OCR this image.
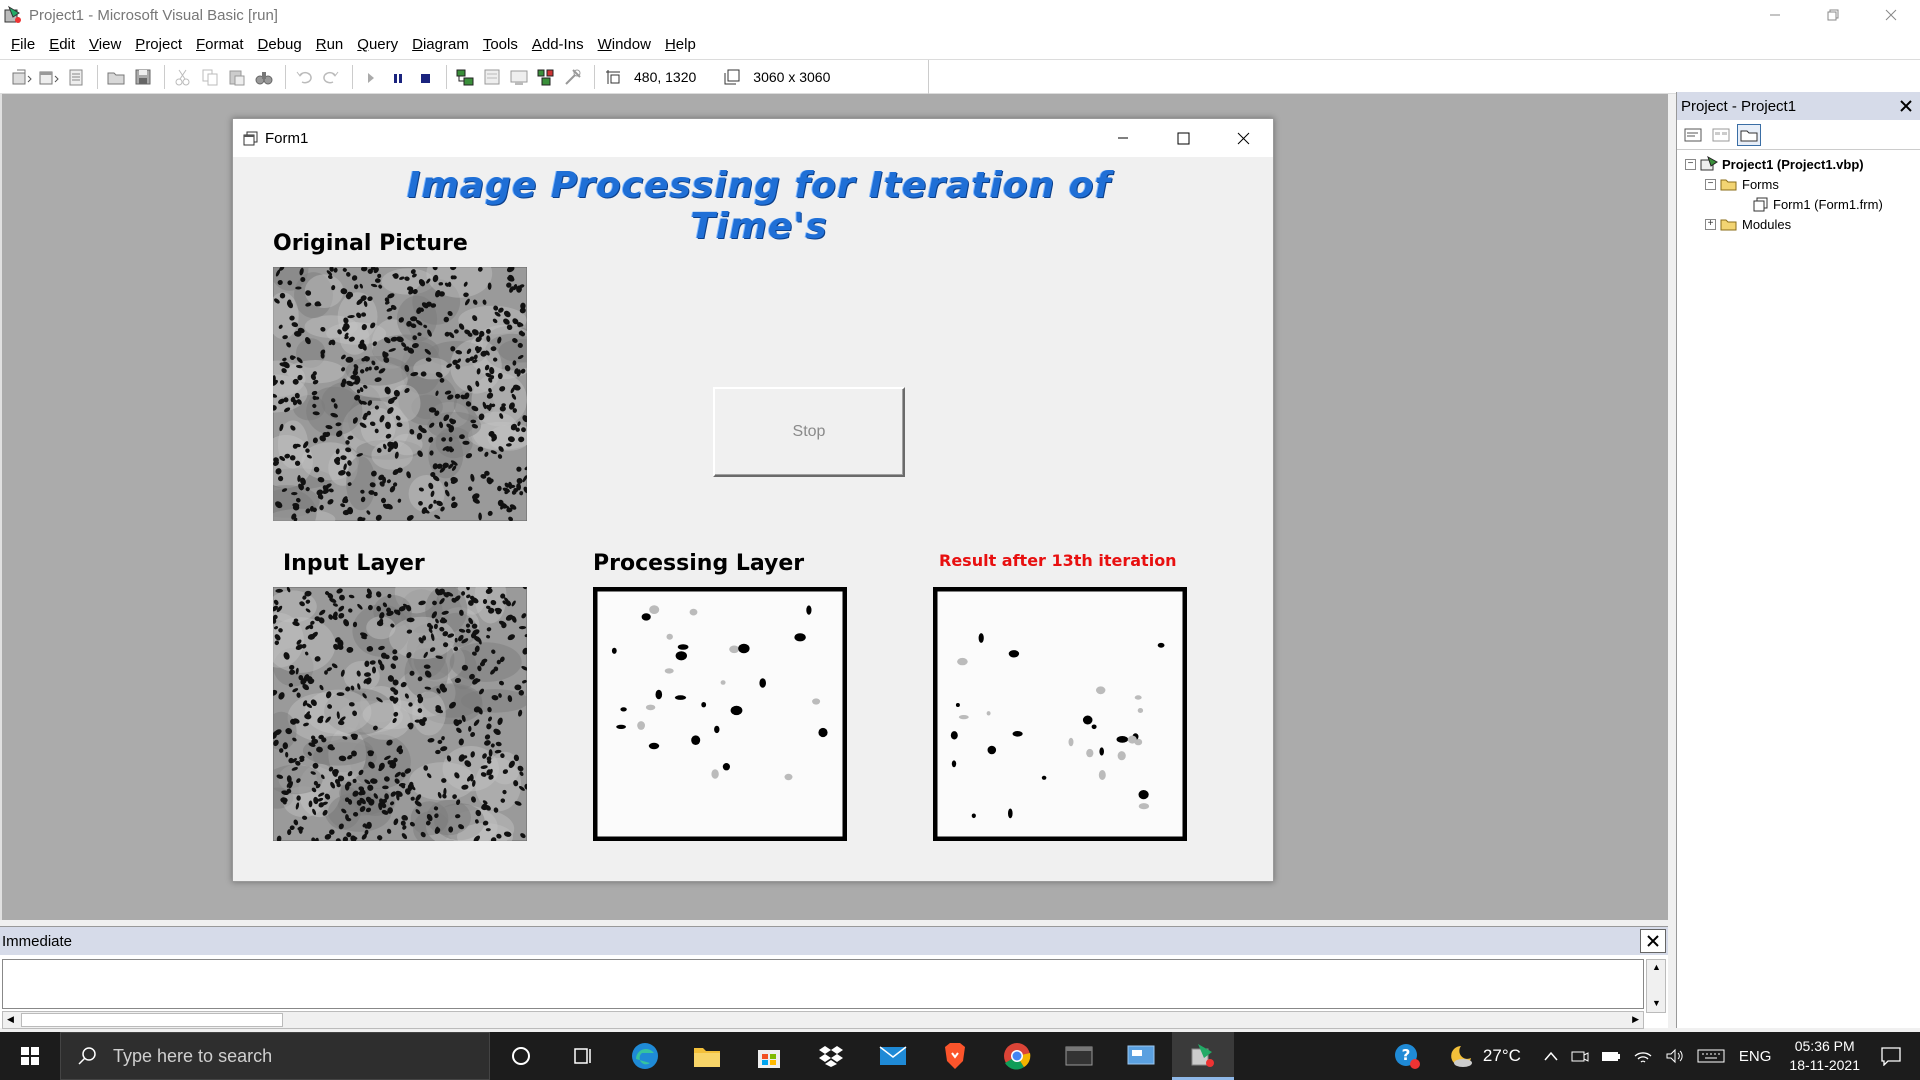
Project1 - Microsoft Visual Basic [run]
File Edit View Project Format Debug Run Query Diagram Tools Add-Ins Window Help
480, 1320	3060 x 3060
Form1
Image Processing for Iteration of Time's
Original Picture
Stop
Input Layer	Processing Layer	Result after 13th iteration
Project - Project1
− Project1 (Project1.vbp)
− Forms
Form1 (Form1.frm)
+ Modules
Immediate
▲
▼
◀	▶
Type here to search	?	27°C	ENG
05:36 PM
18-11-2021
